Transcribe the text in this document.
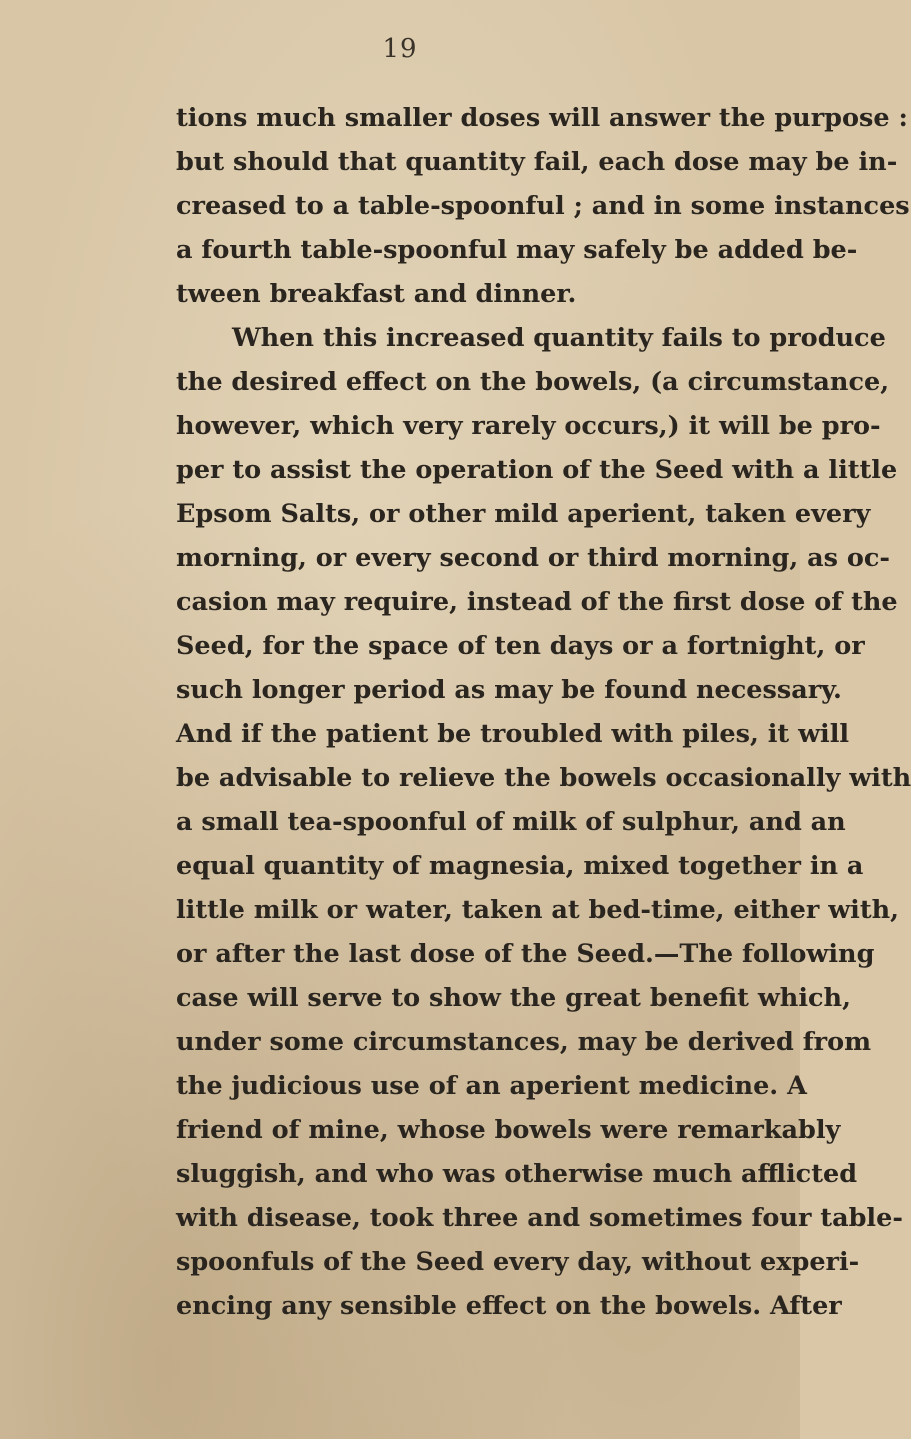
19
tions much smaller doses will answer the purpose :
but should that quantity fail, each dose may be in-
creased to a table-spoonful ; and in some instances
a fourth table-spoonful may safely be added be-
tween breakfast and dinner.
When this increased quantity fails to produce
the desired effect on the bowels, (a circumstance,
however, which very rarely occurs,) it will be pro-
per to assist the operation of the Seed with a little
Epsom Salts, or other mild aperient, taken every
morning, or every second or third morning, as oc-
casion may require, instead of the first dose of the
Seed, for the space of ten days or a fortnight, or
such longer period as may be found necessary.
And if the patient be troubled with piles, it will
be advisable to relieve the bowels occasionally with
a small tea-spoonful of milk of sulphur, and an
equal quantity of magnesia, mixed together in a
little milk or water, taken at bed-time, either with,
or after the last dose of the Seed.—The following
case will serve to show the great benefit which,
under some circumstances, may be derived from
the judicious use of an aperient medicine. A
friend of mine, whose bowels were remarkably
sluggish, and who was otherwise much afflicted
with disease, took three and sometimes four table-
spoonfuls of the Seed every day, without experi-
encing any sensible effect on the bowels. After
